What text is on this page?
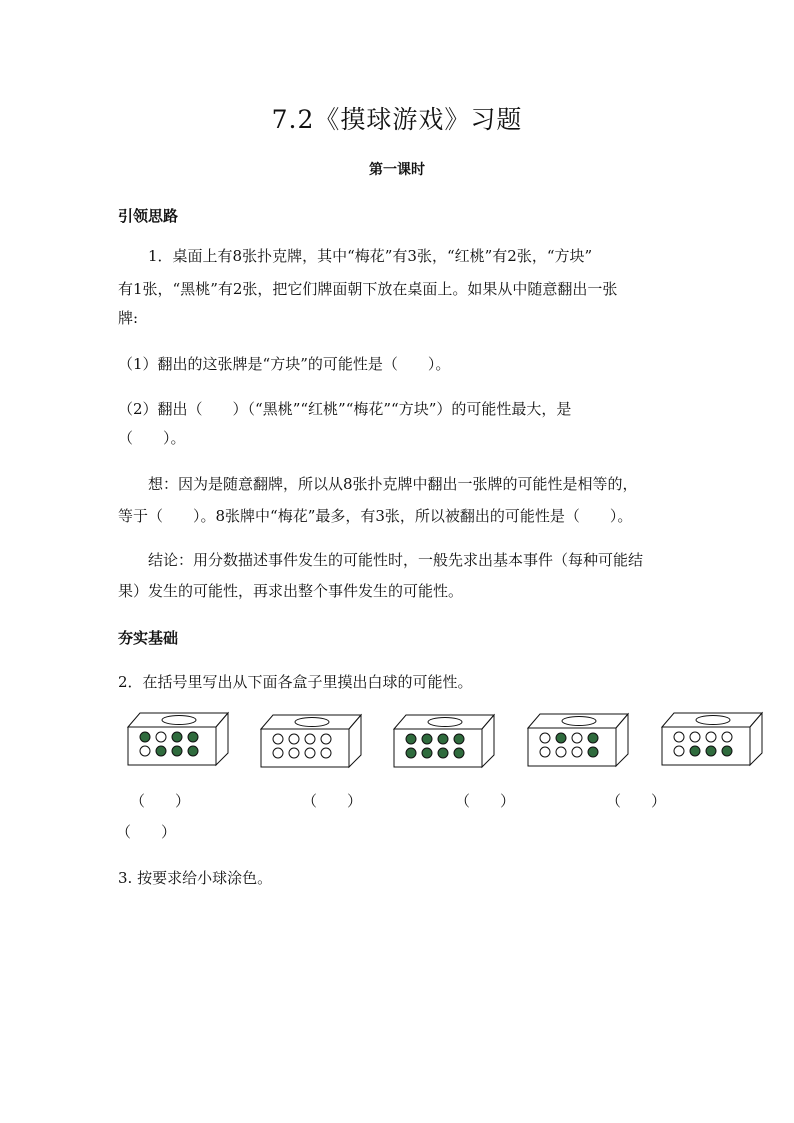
7.2《摸球游戏》习题
第一课时
引领思路
1．桌面上有8张扑克牌，其中“梅花”有3张，“红桃”有2张，“方块”
有1张，“黑桃”有2张，把它们牌面朝下放在桌面上。如果从中随意翻出一张
牌:
（1）翻出的这张牌是“方块”的可能性是（　　）。
（2）翻出（　　）（“黑桃”“红桃”“梅花”“方块”）的可能性最大，是
（　　）。
想：因为是随意翻牌，所以从8张扑克牌中翻出一张牌的可能性是相等的，
等于（　　）。8张牌中“梅花”最多，有3张，所以被翻出的可能性是（　　）。
结论：用分数描述事件发生的可能性时，一般先求出基本事件（每种可能结
果）发生的可能性，再求出整个事件发生的可能性。
夯实基础
2．在括号里写出从下面各盒子里摸出白球的可能性。
（　　）	（　　）	（　　）	（　　）
（　　）
3. 按要求给小球涂色。
